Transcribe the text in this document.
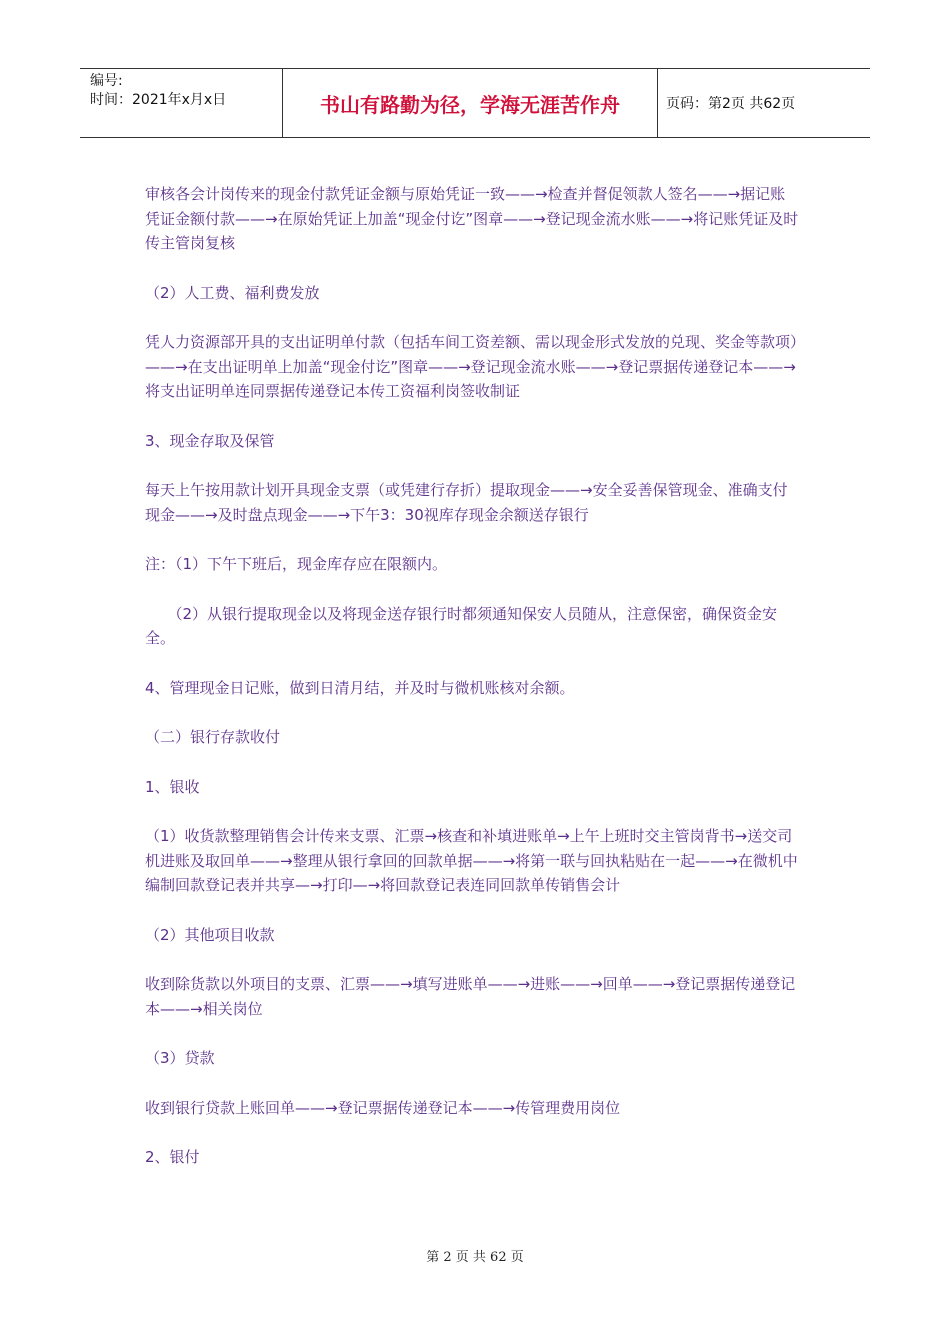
编号:
时间：2021年x月x日	书山有路勤为径，学海无涯苦作舟	页码：第2页 共62页

审核各会计岗传来的现金付款凭证金额与原始凭证一致——→检查并督促领款人签名——→据记账凭证金额付款——→在原始凭证上加盖“现金付讫”图章——→登记现金流水账——→将记账凭证及时传主管岗复核

（2）人工费、福利费发放

凭人力资源部开具的支出证明单付款（包括车间工资差额、需以现金形式发放的兑现、奖金等款项）——→在支出证明单上加盖“现金付讫”图章——→登记现金流水账——→登记票据传递登记本——→将支出证明单连同票据传递登记本传工资福利岗签收制证

3、现金存取及保管

每天上午按用款计划开具现金支票（或凭建行存折）提取现金——→安全妥善保管现金、准确支付现金——→及时盘点现金——→下午3：30视库存现金余额送存银行

注：（1）下午下班后，现金库存应在限额内。

　　（2）从银行提取现金以及将现金送存银行时都须通知保安人员随从，注意保密，确保资金安全。

4、管理现金日记账，做到日清月结，并及时与微机账核对余额。

（二）银行存款收付

1、银收

（1）收货款整理销售会计传来支票、汇票→核查和补填进账单→上午上班时交主管岗背书→送交司机进账及取回单——→整理从银行拿回的回款单据——→将第一联与回执粘贴在一起——→在微机中编制回款登记表并共享—→打印—→将回款登记表连同回款单传销售会计

（2）其他项目收款

收到除货款以外项目的支票、汇票——→填写进账单——→进账——→回单——→登记票据传递登记本——→相关岗位

（3）贷款

收到银行贷款上账回单——→登记票据传递登记本——→传管理费用岗位

2、银付

第 2 页 共 62 页
